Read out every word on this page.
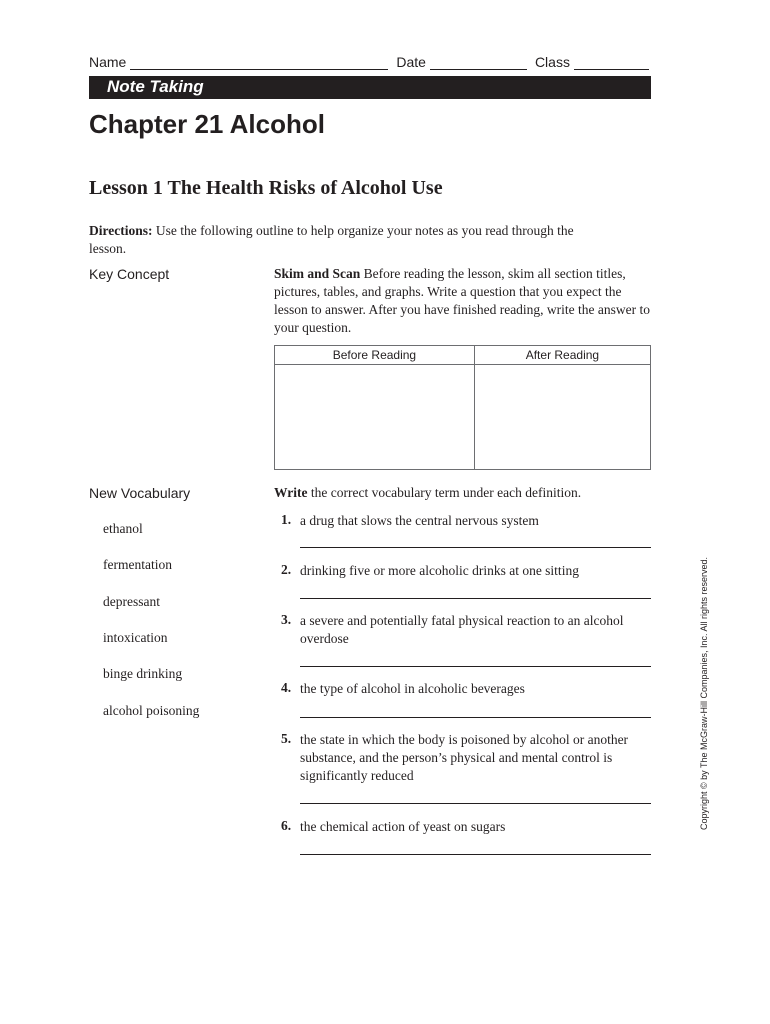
Name	Date	Class
Note Taking
Chapter 21 Alcohol
Lesson 1 The Health Risks of Alcohol Use
Directions: Use the following outline to help organize your notes as you read through the lesson.
Key Concept	Skim and Scan Before reading the lesson, skim all section titles, pictures, tables, and graphs. Write a question that you expect the lesson to answer. After you have finished reading, write the answer to your question.
Before Reading	After Reading

New Vocabulary	Write the correct vocabulary term under each definition.
ethanol
fermentation
depressant
intoxication
binge drinking
alcohol poisoning
1. a drug that slows the central nervous system
2. drinking five or more alcoholic drinks at one sitting
3. a severe and potentially fatal physical reaction to an alcohol overdose
4. the type of alcohol in alcoholic beverages
5. the state in which the body is poisoned by alcohol or another substance, and the person’s physical and mental control is significantly reduced
6. the chemical action of yeast on sugars	Copyright © by The McGraw-Hill Companies, Inc. All rights reserved.
